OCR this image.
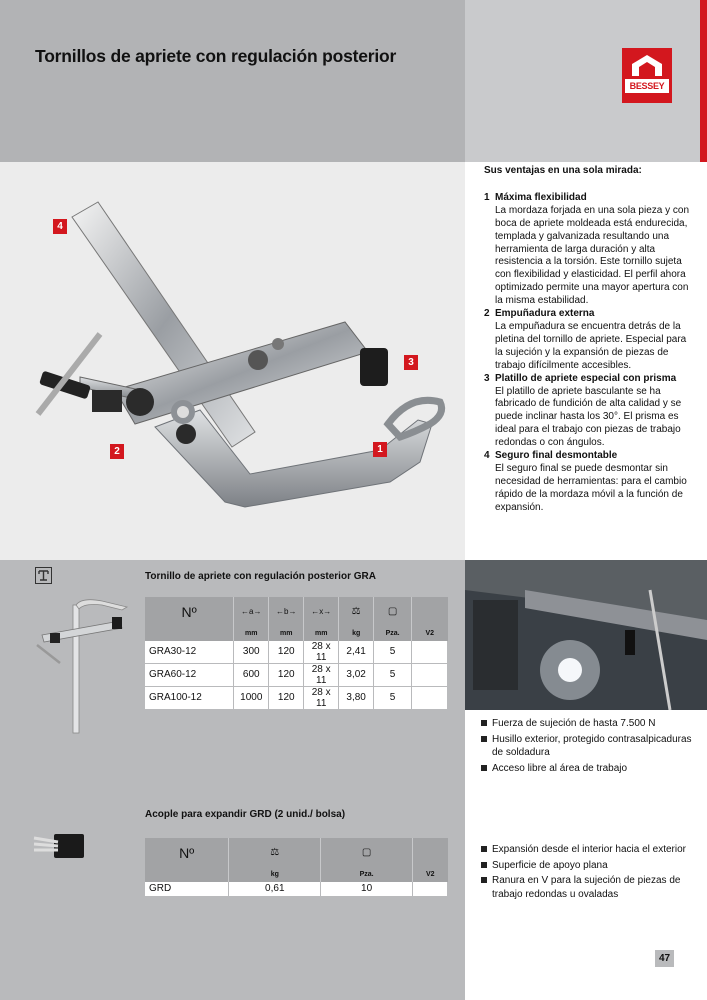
Tornillos de apriete con regulación posterior
BESSEY
4
3
2	1
Sus ventajas en una sola mirada:
1 Máxima flexibilidad
La mordaza forjada en una sola pieza y con boca de apriete moldeada está endurecida, templada y galvanizada resultando una herramienta de larga duración y alta resistencia a la torsión. Este tornillo sujeta con flexibilidad y elasticidad. El perfil ahora optimizado permite una mayor apertura con la misma estabilidad.
2 Empuñadura externa
La empuñadura se encuentra detrás de la pletina del tornillo de apriete. Especial para la sujeción y la expansión de piezas de trabajo difícilmente accesibles.
3 Platillo de apriete especial con prisma
El platillo de apriete basculante se ha fabricado de fundición de alta calidad y se puede inclinar hasta los 30°. El prisma es ideal para el trabajo con piezas de trabajo redondas o con ángulos.
4 Seguro final desmontable
El seguro final se puede desmontar sin necesidad de herramientas: para el cambio rápido de la mordaza móvil a la función de expansión.
Tornillo de apriete con regulación posterior GRA
Nº	←a→	←b→	←x→	⚖	▢	
	mm	mm	mm	kg	Pza.	V2
GRA30-12	300	120	28 x 11	2,41	5	
GRA60-12	600	120	28 x 11	3,02	5	
GRA100-12	1000	120	28 x 11	3,80	5	
Fuerza de sujeción de hasta 7.500 N
Husillo exterior, protegido contrasalpicaduras de soldadura
Acceso libre al área de trabajo
Acople para expandir GRD (2 unid./ bolsa)
Nº	⚖	▢	
	kg	Pza.	V2
GRD	0,61	10	
Expansión desde el interior hacia el exterior
Superficie de apoyo plana
Ranura en V para la sujeción de piezas de trabajo redondas u ovaladas
47
